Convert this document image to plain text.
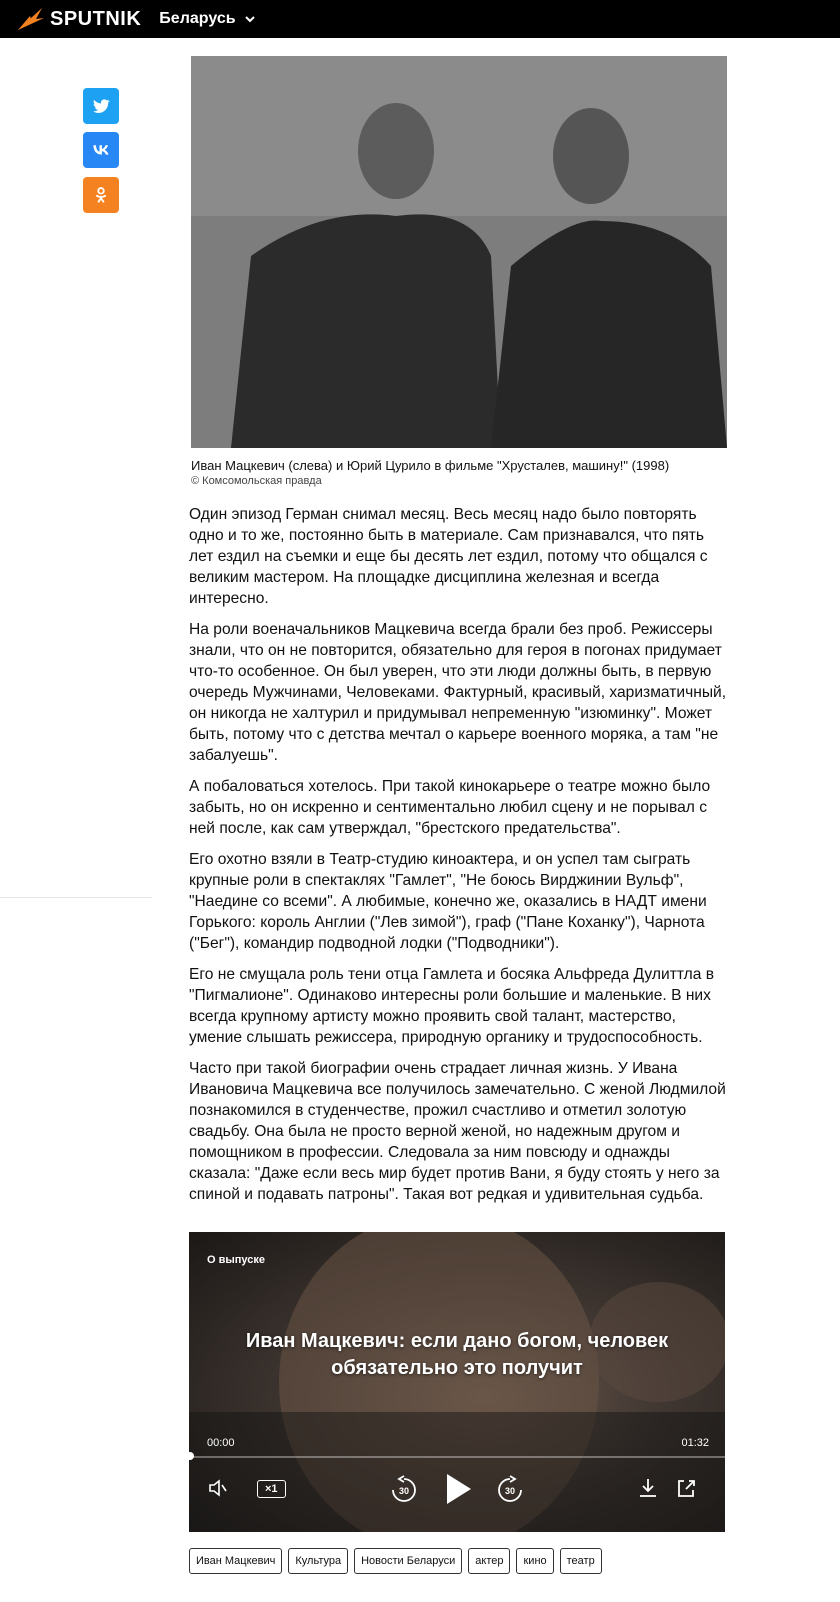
SPUTNIK Беларусь
Иван Мацкевич (слева) и Юрий Цурило в фильме "Хрусталев, машину!" (1998)
© Комсомольская правда

Один эпизод Герман снимал месяц. Весь месяц надо было повторять одно и то же, постоянно быть в материале. Сам признавался, что пять лет ездил на съемки и еще бы десять лет ездил, потому что общался с великим мастером. На площадке дисциплина железная и всегда интересно.

На роли военачальников Мацкевича всегда брали без проб. Режиссеры знали, что он не повторится, обязательно для героя в погонах придумает что-то особенное. Он был уверен, что эти люди должны быть, в первую очередь Мужчинами, Человеками. Фактурный, красивый, харизматичный, он никогда не халтурил и придумывал непременную "изюминку". Может быть, потому что с детства мечтал о карьере военного моряка, а там "не забалуешь".

А побаловаться хотелось. При такой кинокарьере о театре можно было забыть, но он искренно и сентиментально любил сцену и не порывал с ней после, как сам утверждал, "брестского предательства".

Его охотно взяли в Театр-студию киноактера, и он успел там сыграть крупные роли в спектаклях "Гамлет", "Не боюсь Вирджинии Вульф", "Наедине со всеми". А любимые, конечно же, оказались в НАДТ имени Горького: король Англии ("Лев зимой"), граф ("Пане Коханку"), Чарнота ("Бег"), командир подводной лодки ("Подводники").

Его не смущала роль тени отца Гамлета и босяка Альфреда Дулиттла в "Пигмалионе". Одинаково интересны роли большие и маленькие. В них всегда крупному артисту можно проявить свой талант, мастерство, умение слышать режиссера, природную органику и трудоспособность.

Часто при такой биографии очень страдает личная жизнь. У Ивана Ивановича Мацкевича все получилось замечательно. С женой Людмилой познакомился в студенчестве, прожил счастливо и отметил золотую свадьбу. Она была не просто верной женой, но надежным другом и помощником в профессии. Следовала за ним повсюду и однажды сказала: "Даже если весь мир будет против Вани, я буду стоять у него за спиной и подавать патроны". Такая вот редкая и удивительная судьба.

О выпуске
Иван Мацкевич: если дано богом, человек обязательно это получит
00:00	01:32
×1	30	30
Иван Мацкевич	Культура	Новости Беларуси	актер	кино	театр
